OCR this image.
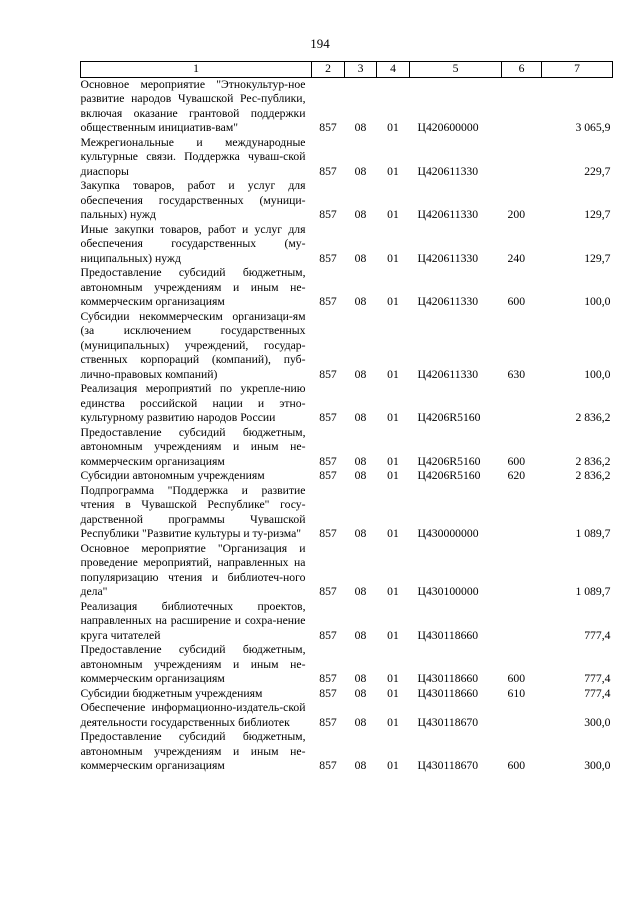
194
1	2	3	4	5	6	7
Основное мероприятие "Этнокультур-ное развитие народов Чувашской Рес-публики, включая оказание грантовой поддержки общественным инициатив-вам"	857	08	01	Ц420600000		3 065,9
Межрегиональные и международные культурные связи. Поддержка чуваш-ской диаспоры	857	08	01	Ц420611330		229,7
Закупка товаров, работ и услуг для обеспечения государственных (муници-пальных) нужд	857	08	01	Ц420611330	200	129,7
Иные закупки товаров, работ и услуг для обеспечения государственных (му-ниципальных) нужд	857	08	01	Ц420611330	240	129,7
Предоставление субсидий бюджетным, автономным учреждениям и иным не-коммерческим организациям	857	08	01	Ц420611330	600	100,0
Субсидии некоммерческим организаци-ям (за исключением государственных (муниципальных) учреждений, государ-ственных корпораций (компаний), пуб-лично-правовых компаний)	857	08	01	Ц420611330	630	100,0
Реализация мероприятий по укрепле-нию единства российской нации и этно-культурному развитию народов России	857	08	01	Ц4206R5160		2 836,2
Предоставление субсидий бюджетным, автономным учреждениям и иным не-коммерческим организациям	857	08	01	Ц4206R5160	600	2 836,2
Субсидии автономным учреждениям	857	08	01	Ц4206R5160	620	2 836,2
Подпрограмма "Поддержка и развитие чтения в Чувашской Республике" госу-дарственной программы Чувашской Республики "Развитие культуры и ту-ризма"	857	08	01	Ц430000000		1 089,7
Основное мероприятие "Организация и проведение мероприятий, направленных на популяризацию чтения и библиотеч-ного дела"	857	08	01	Ц430100000		1 089,7
Реализация библиотечных проектов, направленных на расширение и сохра-нение круга читателей	857	08	01	Ц430118660		777,4
Предоставление субсидий бюджетным, автономным учреждениям и иным не-коммерческим организациям	857	08	01	Ц430118660	600	777,4
Субсидии бюджетным учреждениям	857	08	01	Ц430118660	610	777,4
Обеспечение информационно-издатель-ской деятельности государственных библиотек	857	08	01	Ц430118670		300,0
Предоставление субсидий бюджетным, автономным учреждениям и иным не-коммерческим организациям	857	08	01	Ц430118670	600	300,0
